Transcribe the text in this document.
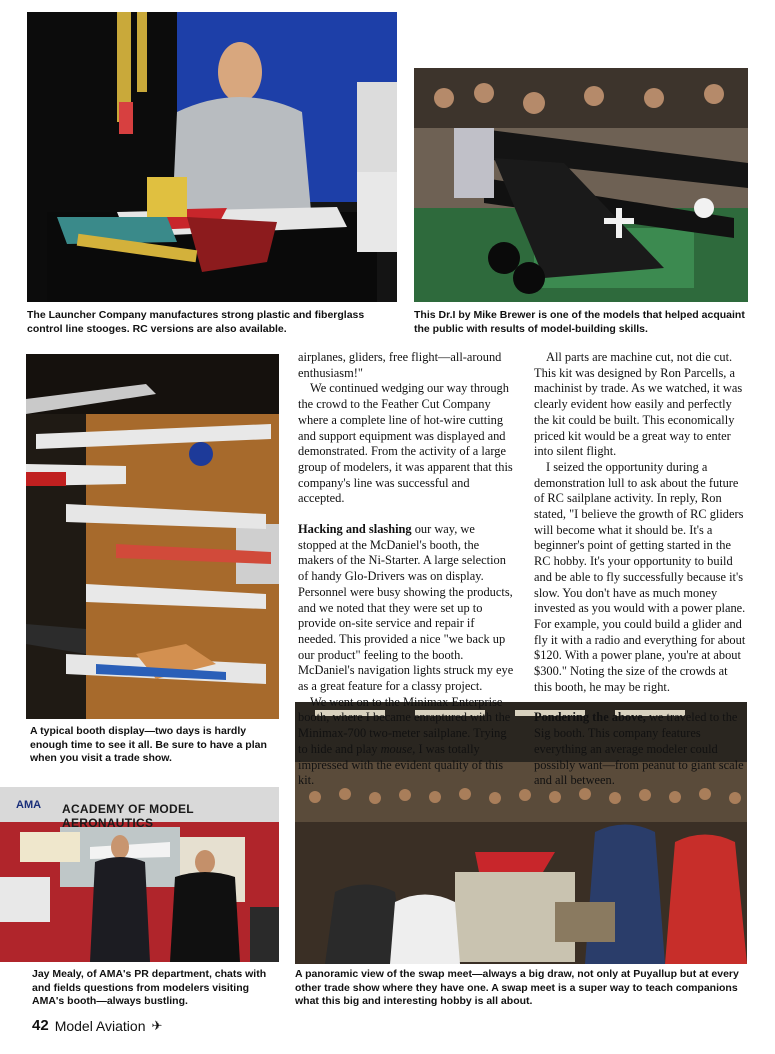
The Launcher Company manufactures strong plastic and fiberglass control line stooges. RC versions are also available.
This Dr.I by Mike Brewer is one of the models that helped acquaint the public with results of model-building skills.
A typical booth display—two days is hardly enough time to see it all. Be sure to have a plan when you visit a trade show.
AMA ACADEMY OF MODEL AERONAUTICS
Jay Mealy, of AMA's PR department, chats with and fields questions from modelers visiting AMA's booth—always bustling.
A panoramic view of the swap meet—always a big draw, not only at Puyallup but at every other trade show where they have one. A swap meet is a super way to teach companions what this big and interesting hobby is all about.

airplanes, gliders, free flight—all-around enthusiasm!"

We continued wedging our way through the crowd to the Feather Cut Company where a complete line of hot-wire cutting and support equipment was displayed and demonstrated. From the activity of a large group of modelers, it was apparent that this company's line was successful and accepted.

Hacking and slashing our way, we stopped at the McDaniel's booth, the makers of the Ni-Starter. A large selection of handy Glo-Drivers was on display. Personnel were busy showing the products, and we noted that they were set up to provide on-site service and repair if needed. This provided a nice "we back up our product" feeling to the booth. McDaniel's navigation lights struck my eye as a great feature for a classy project.

We went on to the Minimax Enterprise booth, where I became enraptured with the Minimax-700 two-meter sailplane. Trying to hide and play mouse, I was totally impressed with the evident quality of this kit.

All parts are machine cut, not die cut. This kit was designed by Ron Parcells, a machinist by trade. As we watched, it was clearly evident how easily and perfectly the kit could be built. This economically priced kit would be a great way to enter into silent flight.

I seized the opportunity during a demonstration lull to ask about the future of RC sailplane activity. In reply, Ron stated, "I believe the growth of RC gliders will become what it should be. It's a beginner's point of getting started in the RC hobby. It's your opportunity to build and be able to fly successfully because it's slow. You don't have as much money invested as you would with a power plane. For example, you could build a glider and fly it with a radio and everything for about $120. With a power plane, you're at about $300." Noting the size of the crowds at this booth, he may be right.

Pondering the above, we traveled to the Sig booth. This company features everything an average modeler could possibly want—from peanut to giant scale and all between.

42 Model Aviation ✈
